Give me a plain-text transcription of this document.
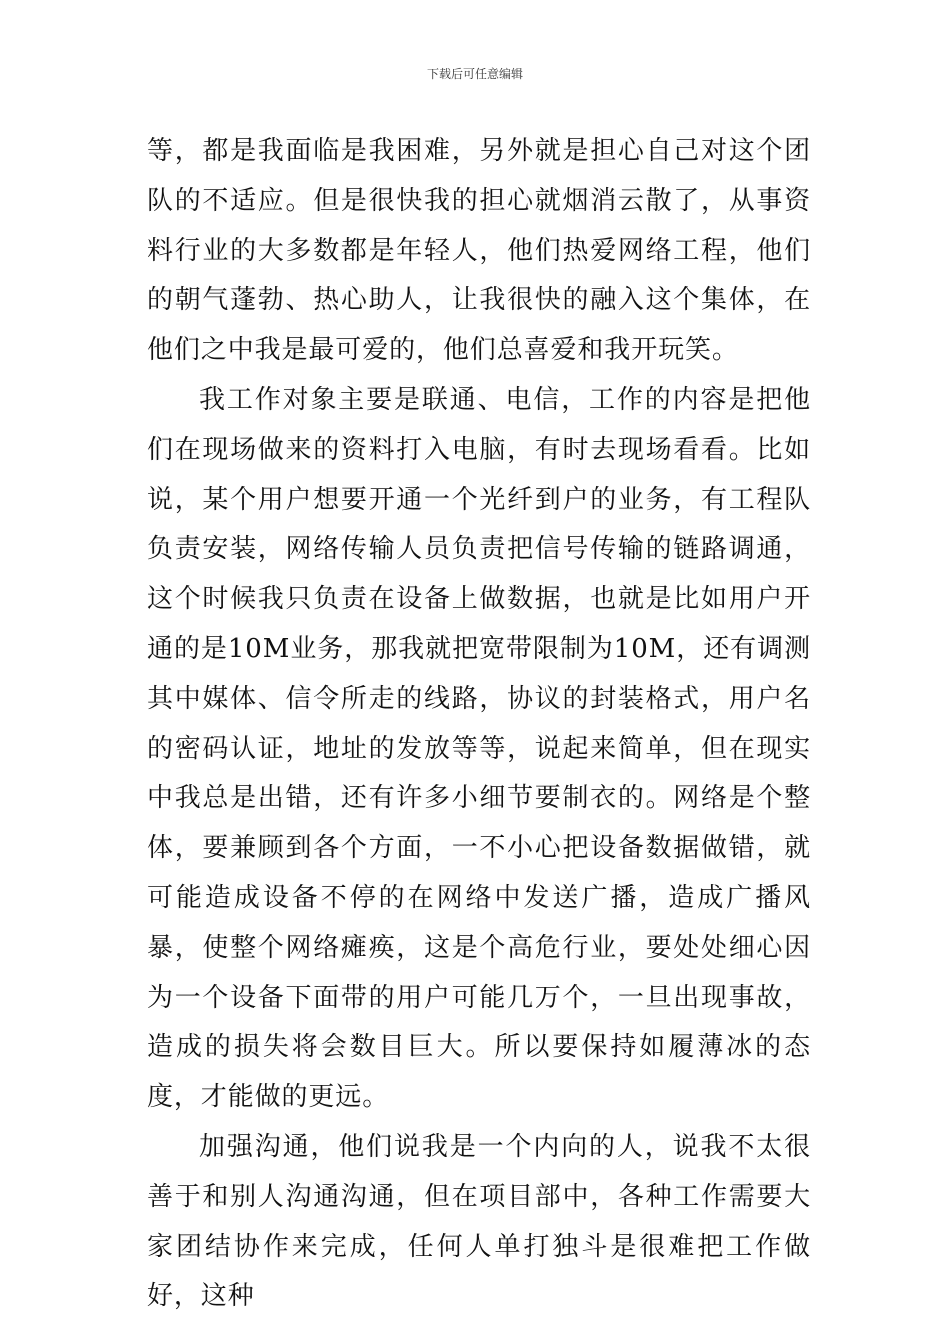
下载后可任意编辑

等，都是我面临是我困难，另外就是担心自己对这个团队的不适应。但是很快我的担心就烟消云散了，从事资料行业的大多数都是年轻人，他们热爱网络工程，他们的朝气蓬勃、热心助人，让我很快的融入这个集体，在他们之中我是最可爱的，他们总喜爱和我开玩笑。

我工作对象主要是联通、电信，工作的内容是把他们在现场做来的资料打入电脑，有时去现场看看。比如说，某个用户想要开通一个光纤到户的业务，有工程队负责安装，网络传输人员负责把信号传输的链路调通，这个时候我只负责在设备上做数据，也就是比如用户开通的是10M业务，那我就把宽带限制为10M，还有调测其中媒体、信令所走的线路，协议的封装格式，用户名的密码认证，地址的发放等等，说起来简单，但在现实中我总是出错，还有许多小细节要制衣的。网络是个整体，要兼顾到各个方面，一不小心把设备数据做错，就可能造成设备不停的在网络中发送广播，造成广播风暴，使整个网络瘫痪，这是个高危行业，要处处细心因为一个设备下面带的用户可能几万个，一旦出现事故，造成的损失将会数目巨大。所以要保持如履薄冰的态度，才能做的更远。

加强沟通，他们说我是一个内向的人，说我不太很善于和别人沟通沟通，但在项目部中，各种工作需要大家团结协作来完成，任何人单打独斗是很难把工作做好，这种
